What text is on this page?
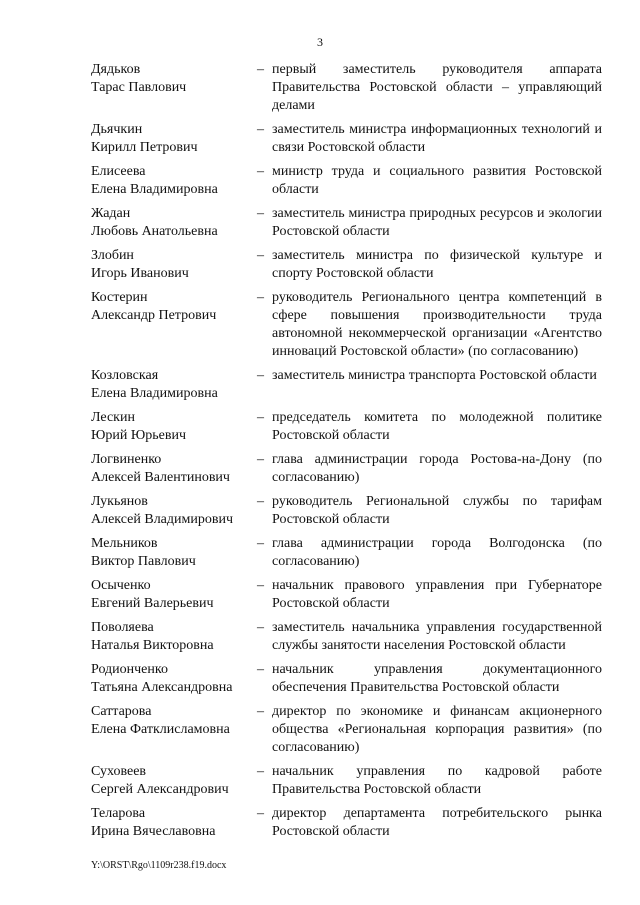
3
Дядьков
Тарас Павлович
– первый заместитель руководителя аппарата Правительства Ростовской области – управляющий делами
Дьячкин
Кирилл Петрович
– заместитель министра информационных технологий и связи Ростовской области
Елисеева
Елена Владимировна
– министр труда и социального развития Ростовской области
Жадан
Любовь Анатольевна
– заместитель министра природных ресурсов и экологии Ростовской области
Злобин
Игорь Иванович
– заместитель министра по физической культуре и спорту Ростовской области
Костерин
Александр Петрович
– руководитель Регионального центра компетенций в сфере повышения производительности труда автономной некоммерческой организации «Агентство инноваций Ростовской области» (по согласованию)
Козловская
Елена Владимировна
– заместитель министра транспорта Ростовской области
Лескин
Юрий Юрьевич
– председатель комитета по молодежной политике Ростовской области
Логвиненко
Алексей Валентинович
– глава администрации города Ростова-на-Дону (по согласованию)
Лукьянов
Алексей Владимирович
– руководитель Региональной службы по тарифам Ростовской области
Мельников
Виктор Павлович
– глава администрации города Волгодонска (по согласованию)
Осыченко
Евгений Валерьевич
– начальник правового управления при Губернаторе Ростовской области
Поволяева
Наталья Викторовна
– заместитель начальника управления государственной службы занятости населения Ростовской области
Родионченко
Татьяна Александровна
– начальник управления документационного обеспечения Правительства Ростовской области
Саттарова
Елена Фатклисламовна
– директор по экономике и финансам акционерного общества «Региональная корпорация развития» (по согласованию)
Суховеев
Сергей Александрович
– начальник управления по кадровой работе Правительства Ростовской области
Теларова
Ирина Вячеславовна
– директор департамента потребительского рынка Ростовской области
Y:\ORST\Rgo\1109r238.f19.docx
